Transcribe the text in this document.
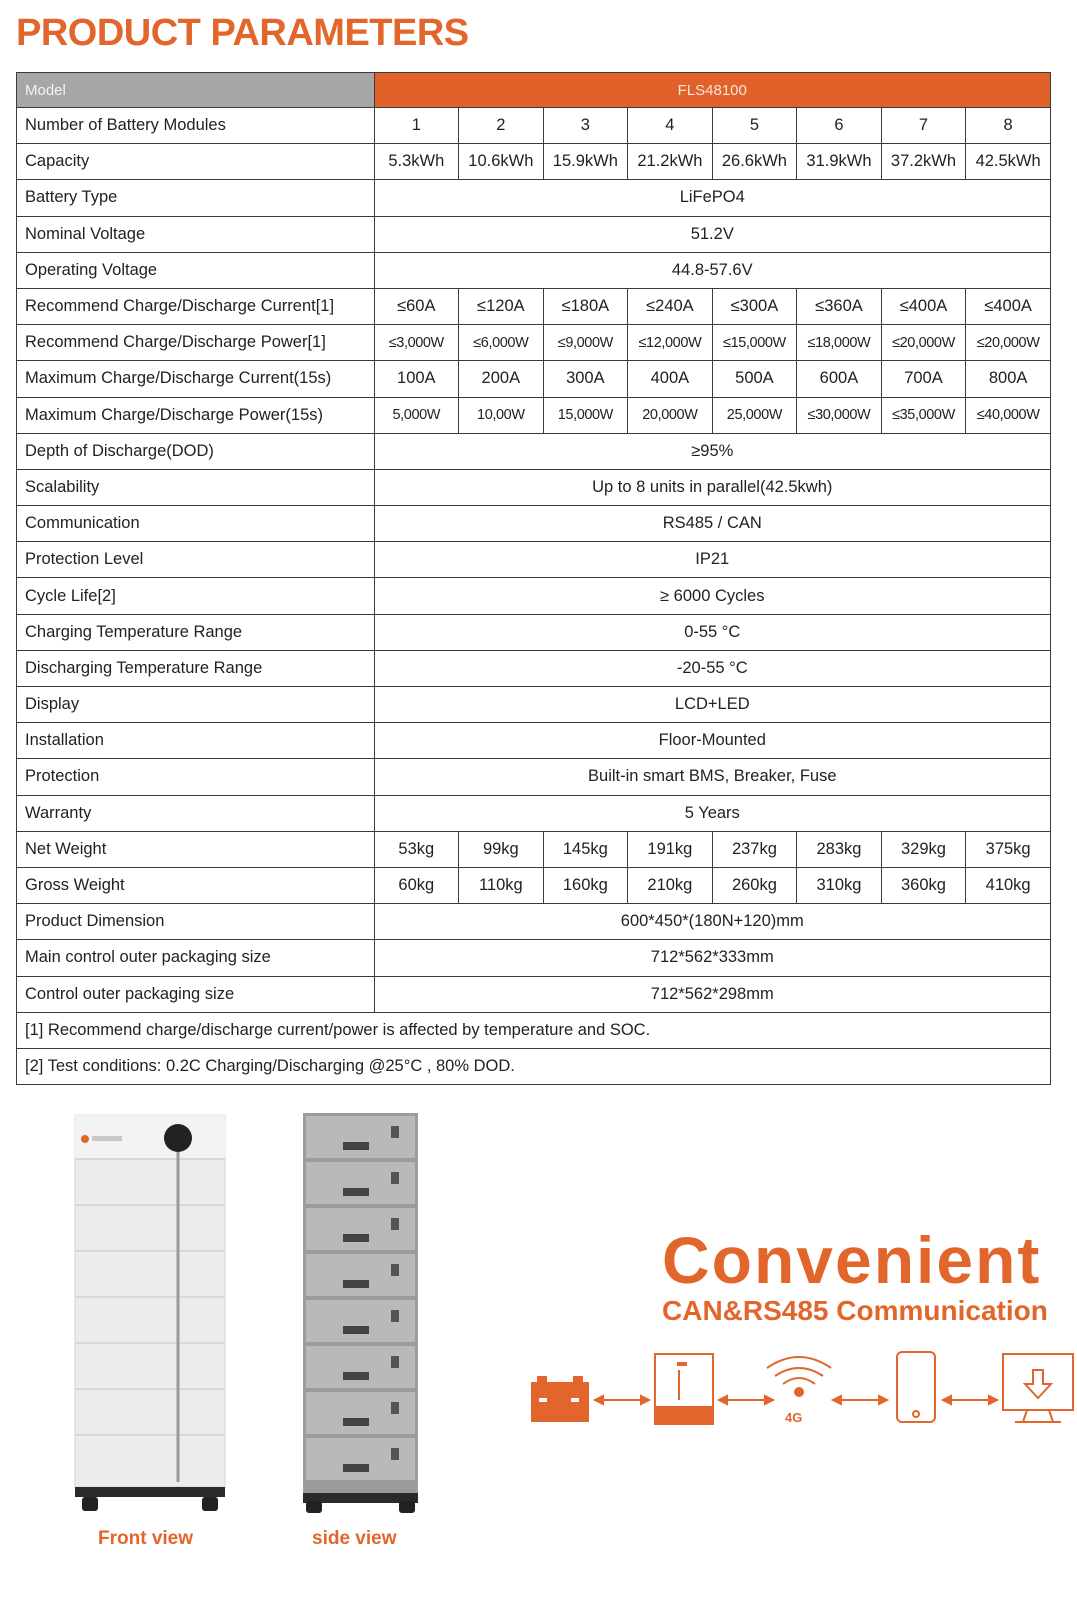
PRODUCT PARAMETERS
Model	FLS48100							
Number of Battery Modules	1	2	3	4	5	6	7	8
Capacity	5.3kWh	10.6kWh	15.9kWh	21.2kWh	26.6kWh	31.9kWh	37.2kWh	42.5kWh
Battery Type	LiFePO4							
Nominal Voltage	51.2V							
Operating Voltage	44.8-57.6V							
Recommend Charge/Discharge Current[1]	≤60A	≤120A	≤180A	≤240A	≤300A	≤360A	≤400A	≤400A
Recommend Charge/Discharge Power[1]	≤3,000W	≤6,000W	≤9,000W	≤12,000W	≤15,000W	≤18,000W	≤20,000W	≤20,000W
Maximum Charge/Discharge Current(15s)	100A	200A	300A	400A	500A	600A	700A	800A
Maximum Charge/Discharge Power(15s)	5,000W	10,00W	15,000W	20,000W	25,000W	≤30,000W	≤35,000W	≤40,000W
Depth of Discharge(DOD)	≥95%							
Scalability	Up to 8 units in parallel(42.5kwh)							
Communication	RS485 / CAN							
Protection Level	IP21							
Cycle Life[2]	≥ 6000 Cycles							
Charging Temperature Range	0-55 °C							
Discharging Temperature Range	-20-55 °C							
Display	LCD+LED							
Installation	Floor-Mounted							
Protection	Built-in smart BMS, Breaker, Fuse							
Warranty	5 Years							
Net Weight	53kg	99kg	145kg	191kg	237kg	283kg	329kg	375kg
Gross Weight	60kg	110kg	160kg	210kg	260kg	310kg	360kg	410kg
Product Dimension	600*450*(180N+120)mm							
Main control outer packaging size	712*562*333mm							
Control outer packaging size	712*562*298mm							
[1] Recommend charge/discharge current/power is affected by temperature and SOC.								
[2] Test conditions: 0.2C Charging/Discharging @25°C , 80% DOD.								
Front view	side view
Convenient
CAN&RS485 Communication
4G
